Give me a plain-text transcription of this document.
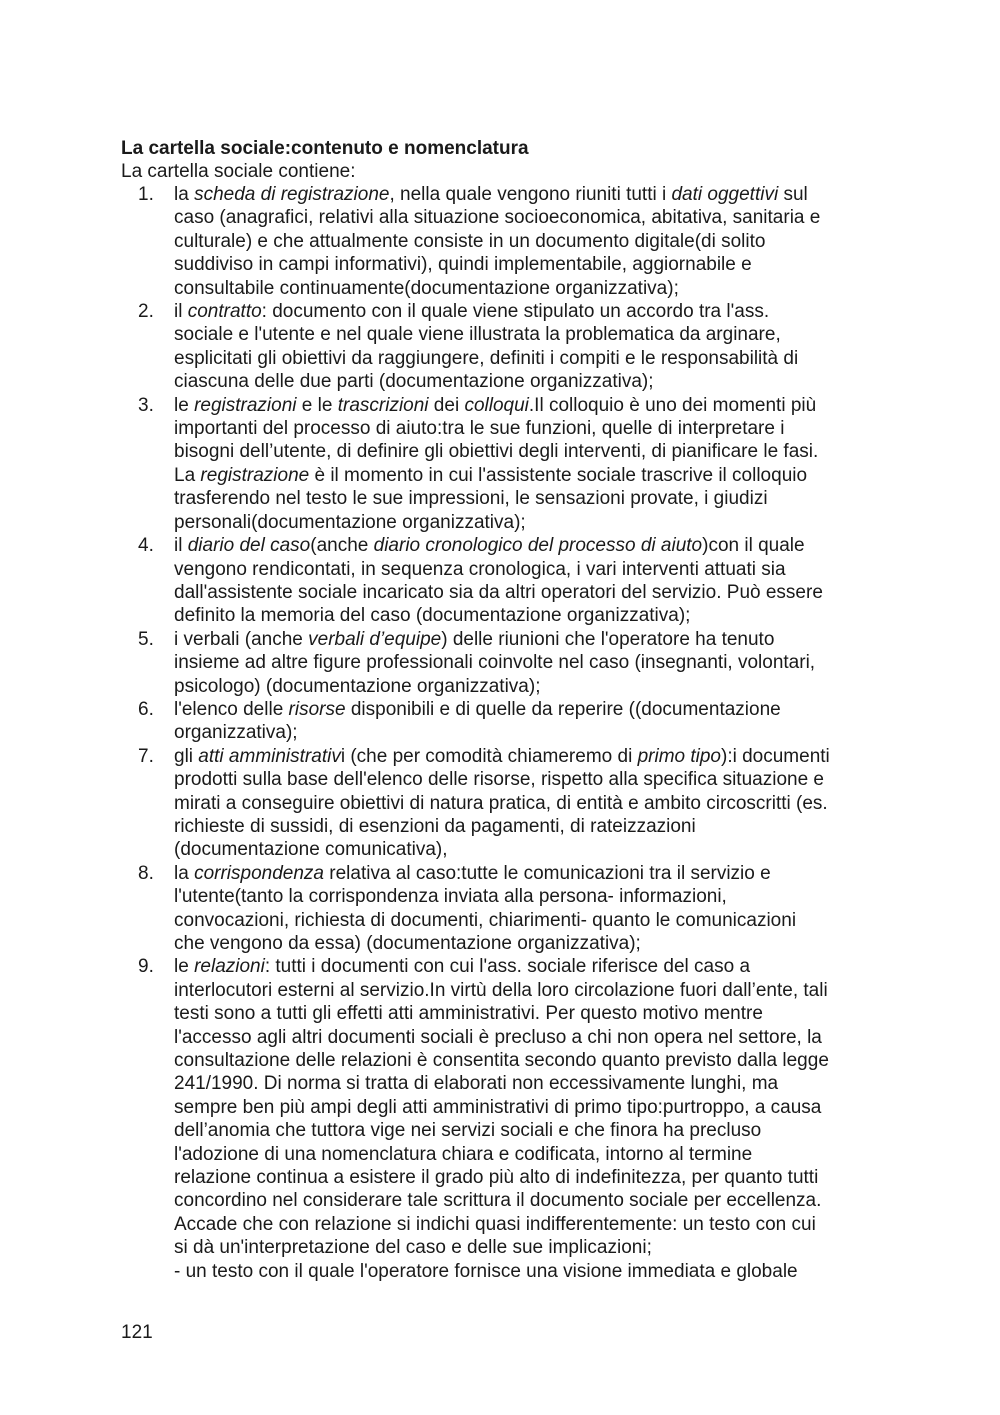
La cartella sociale:contenuto e nomenclatura
La cartella sociale contiene:
1.	la scheda di registrazione, nella quale vengono riuniti tutti i dati oggettivi sul
caso (anagrafici, relativi alla situazione socioeconomica, abitativa, sanitaria e
culturale) e che attualmente consiste in un documento digitale(di solito
suddiviso in campi informativi), quindi implementabile, aggiornabile e
consultabile continuamente(documentazione organizzativa);
2.	il contratto: documento con il quale viene stipulato un accordo tra l'ass.
sociale e l'utente e nel quale viene illustrata la problematica da arginare,
esplicitati gli obiettivi da raggiungere, definiti i compiti e le responsabilità di
ciascuna delle due parti (documentazione organizzativa);
3.	le registrazioni e le trascrizioni dei colloqui.Il colloquio è uno dei momenti più
importanti del processo di aiuto:tra le sue funzioni, quelle di interpretare i
bisogni dell’utente, di definire gli obiettivi degli interventi, di pianificare le fasi.
La registrazione è il momento in cui l'assistente sociale trascrive il colloquio
trasferendo nel testo le sue impressioni, le sensazioni provate, i giudizi
personali(documentazione organizzativa);
4.	il diario del caso(anche diario cronologico del processo di aiuto)con il quale
vengono rendicontati, in sequenza cronologica, i vari interventi attuati sia
dall'assistente sociale incaricato sia da altri operatori del servizio. Può essere
definito la memoria del caso (documentazione organizzativa);
5.	i verbali (anche verbali d’equipe) delle riunioni che l'operatore ha tenuto
insieme ad altre figure professionali coinvolte nel caso (insegnanti, volontari,
psicologo) (documentazione organizzativa);
6.	l'elenco delle risorse disponibili e di quelle da reperire ((documentazione
organizzativa);
7.	gli atti amministrativi (che per comodità chiameremo di primo tipo):i documenti
prodotti sulla base dell'elenco delle risorse, rispetto alla specifica situazione e
mirati a conseguire obiettivi di natura pratica, di entità e ambito circoscritti (es.
richieste di sussidi, di esenzioni da pagamenti, di rateizzazioni
(documentazione comunicativa),
8.	la corrispondenza relativa al caso:tutte le comunicazioni tra il servizio e
l'utente(tanto la corrispondenza inviata alla persona- informazioni,
convocazioni, richiesta di documenti, chiarimenti- quanto le comunicazioni
che vengono da essa) (documentazione organizzativa);
9.	le relazioni: tutti i documenti con cui l'ass. sociale riferisce del caso a
interlocutori esterni al servizio.In virtù della loro circolazione fuori dall’ente, tali
testi sono a tutti gli effetti atti amministrativi. Per questo motivo mentre
l'accesso agli altri documenti sociali è precluso a chi non opera nel settore, la
consultazione delle relazioni è consentita secondo quanto previsto dalla legge
241/1990. Di norma si tratta di elaborati non eccessivamente lunghi, ma
sempre ben più ampi degli atti amministrativi di primo tipo:purtroppo, a causa
dell’anomia che tuttora vige nei servizi sociali e che finora ha precluso
l'adozione di una nomenclatura chiara e codificata, intorno al termine
relazione continua a esistere il grado più alto di indefinitezza, per quanto tutti
concordino nel considerare tale scrittura il documento sociale per eccellenza.
Accade che con relazione si indichi quasi indifferentemente: un testo con cui
si dà un'interpretazione del caso e delle sue implicazioni;
- un testo con il quale l'operatore fornisce una visione immediata e globale
121
